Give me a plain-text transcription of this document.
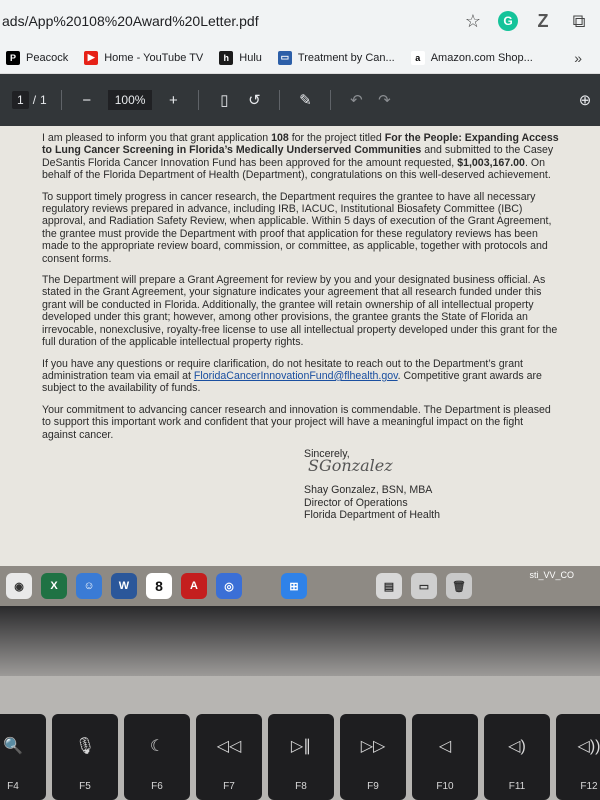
ads/App%20108%20Award%20Letter.pdf	☆	G	Z	⧉
P Peacock	▶ Home - YouTube TV	h Hulu	▭ Treatment by Can...	a Amazon.com Shop...	»
1 / 1	−	100%	+	▯	↺	✎	↶	↷	⊕

I am pleased to inform you that grant application 108 for the project titled For the People: Expanding Access to Lung Cancer Screening in Florida’s Medically Underserved Communities and submitted to the Casey DeSantis Florida Cancer Innovation Fund has been approved for the amount requested, $1,003,167.00. On behalf of the Florida Department of Health (Department), congratulations on this well-deserved achievement.

To support timely progress in cancer research, the Department requires the grantee to have all necessary regulatory reviews prepared in advance, including IRB, IACUC, Institutional Biosafety Committee (IBC) approval, and Radiation Safety Review, when applicable. Within 5 days of execution of the Grant Agreement, the grantee must provide the Department with proof that application for these regulatory reviews has been made to the appropriate review board, commission, or committee, as applicable, together with protocols and consent forms.

The Department will prepare a Grant Agreement for review by you and your designated business official. As stated in the Grant Agreement, your signature indicates your agreement that all research funded under this grant will be conducted in Florida. Additionally, the grantee will retain ownership of all intellectual property developed under this grant; however, among other provisions, the grantee grants the State of Florida an irrevocable, nonexclusive, royalty-free license to use all intellectual property developed under this grant for the full duration of the applicable intellectual property rights.

If you have any questions or require clarification, do not hesitate to reach out to the Department’s grant administration team via email at FloridaCancerInnovationFund@flhealth.gov. Competitive grant awards are subject to the availability of funds.

Your commitment to advancing cancer research and innovation is commendable. The Department is pleased to support this important work and confident that your project will have a meaningful impact on the fight against cancer.

Sincerely,
SGonzalez
Shay Gonzalez, BSN, MBA
Director of Operations
Florida Department of Health
sti_VV_CO
◉	X	☺	W	8	A	◎	⊞	▤	▭	🗑
🔍
F4
🎙
F5
☾
F6
◁◁
F7
▷∥
F8
▷▷
F9
◁
F10
◁)
F11
◁))
F12
